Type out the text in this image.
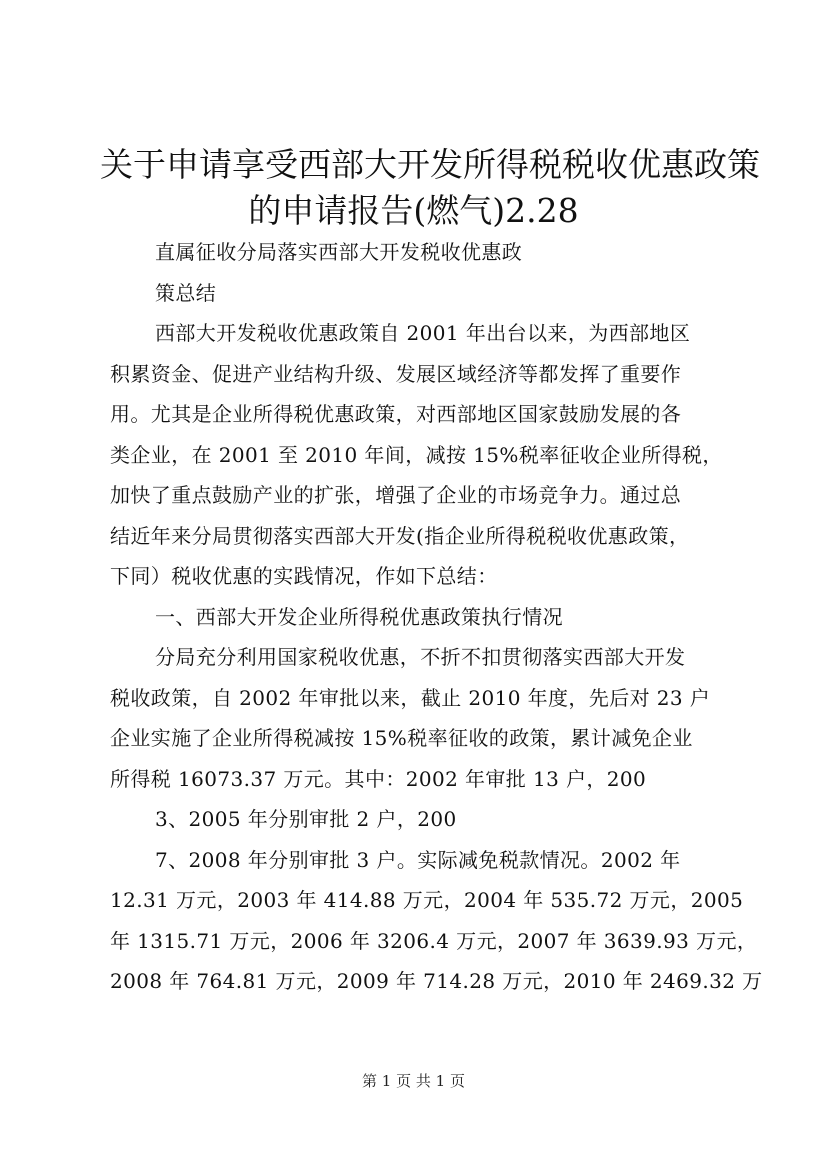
关于申请享受西部大开发所得税税收优惠政策
的申请报告(燃气)2.28

直属征收分局落实西部大开发税收优惠政

策总结

西部大开发税收优惠政策自 2001 年出台以来，为西部地区

积累资金、促进产业结构升级、发展区域经济等都发挥了重要作

用。尤其是企业所得税优惠政策，对西部地区国家鼓励发展的各

类企业，在 2001 至 2010 年间，减按 15%税率征收企业所得税，

加快了重点鼓励产业的扩张，增强了企业的市场竞争力。通过总

结近年来分局贯彻落实西部大开发(指企业所得税税收优惠政策，

下同）税收优惠的实践情况，作如下总结：

一、西部大开发企业所得税优惠政策执行情况

分局充分利用国家税收优惠，不折不扣贯彻落实西部大开发

税收政策，自 2002 年审批以来，截止 2010 年度，先后对 23 户

企业实施了企业所得税减按 15%税率征收的政策，累计减免企业

所得税 16073.37 万元。其中：2002 年审批 13 户，200

3、2005 年分别审批 2 户，200

7、2008 年分别审批 3 户。实际减免税款情况。2002 年

12.31 万元，2003 年 414.88 万元，2004 年 535.72 万元，2005

年 1315.71 万元，2006 年 3206.4 万元，2007 年 3639.93 万元，

2008 年 764.81 万元，2009 年 714.28 万元，2010 年 2469.32 万

第 1 页 共 1 页
